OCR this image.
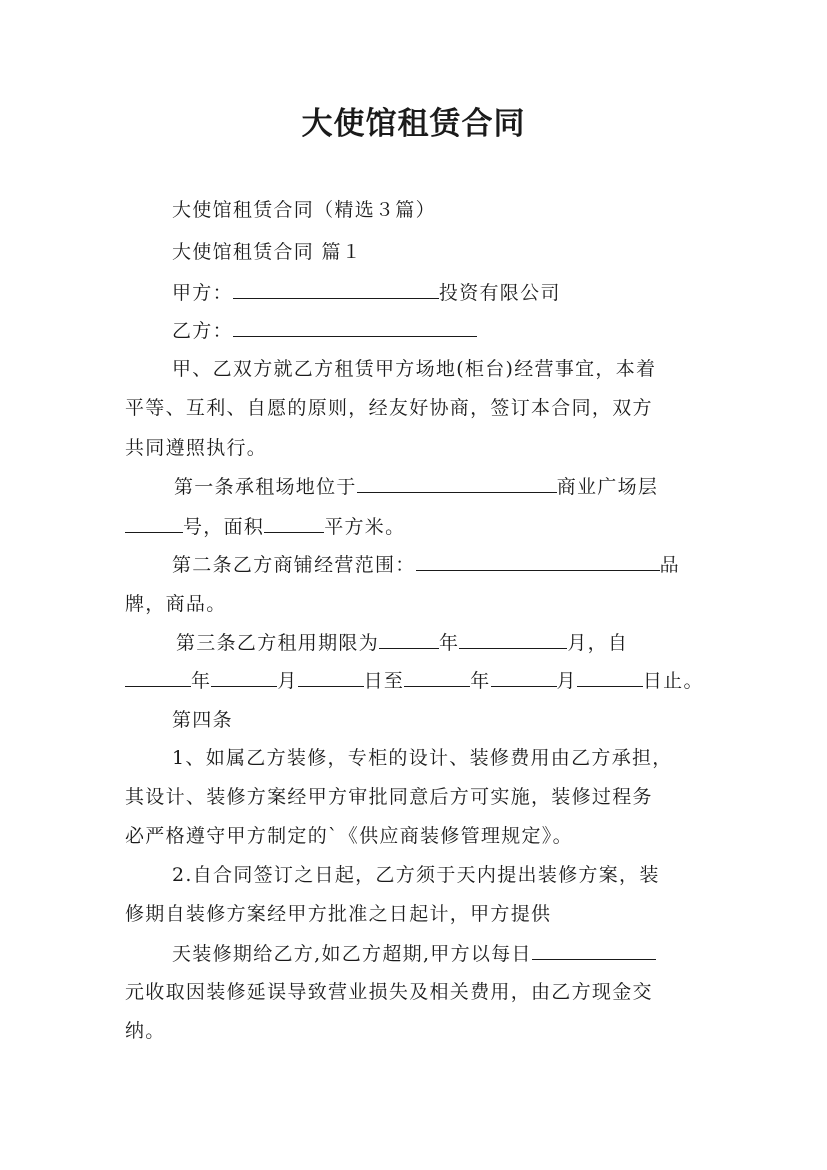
大使馆租赁合同
大使馆租赁合同（精选３篇）
大使馆租赁合同 篇１
甲方：	投资有限公司
乙方：
甲、乙双方就乙方租赁甲方场地(柜台)经营事宜，本着
平等、互利、自愿的原则，经友好协商，签订本合同，双方
共同遵照执行。
第一条承租场地位于	商业广场层
号，面积	平方米。
第二条乙方商铺经营范围：	品
牌，商品。
第三条乙方租用期限为	年	月，自
年	月	日至	年	月	日止。
第四条
1、如属乙方装修，专柜的设计、装修费用由乙方承担，
其设计、装修方案经甲方审批同意后方可实施，装修过程务
必严格遵守甲方制定的`《供应商装修管理规定》。
2.自合同签订之日起，乙方须于天内提出装修方案，装
修期自装修方案经甲方批准之日起计，甲方提供
天装修期给乙方,如乙方超期,甲方以每日
元收取因装修延误导致营业损失及相关费用，由乙方现金交
纳。
